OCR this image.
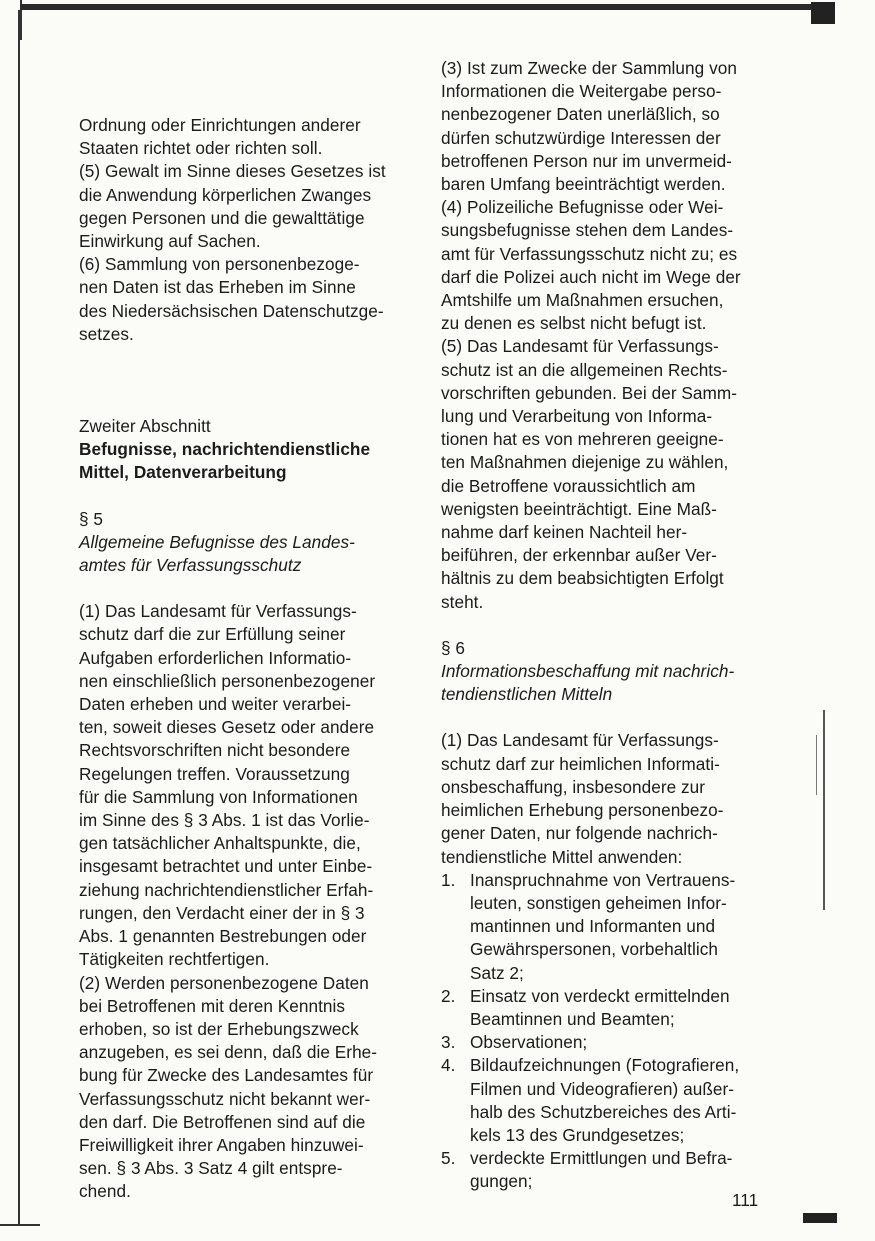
Ordnung oder Einrichtungen anderer

Staaten richtet oder richten soll.

(5) Gewalt im Sinne dieses Gesetzes ist

die Anwendung körperlichen Zwanges

gegen Personen und die gewalttätige

Einwirkung auf Sachen.

(6) Sammlung von personenbezoge-

nen Daten ist das Erheben im Sinne

des Niedersächsischen Datenschutzge-

setzes.

Zweiter Abschnitt

Befugnisse, nachrichtendienstliche

Mittel, Datenverarbeitung

§ 5

Allgemeine Befugnisse des Landes-

amtes für Verfassungsschutz

(1) Das Landesamt für Verfassungs-

schutz darf die zur Erfüllung seiner

Aufgaben erforderlichen Informatio-

nen einschließlich personenbezogener

Daten erheben und weiter verarbei-

ten, soweit dieses Gesetz oder andere

Rechtsvorschriften nicht besondere

Regelungen treffen. Voraussetzung

für die Sammlung von Informationen

im Sinne des § 3 Abs. 1 ist das Vorlie-

gen tatsächlicher Anhaltspunkte, die,

insgesamt betrachtet und unter Einbe-

ziehung nachrichtendienstlicher Erfah-

rungen, den Verdacht einer der in § 3

Abs. 1 genannten Bestrebungen oder

Tätigkeiten rechtfertigen.

(2) Werden personenbezogene Daten

bei Betroffenen mit deren Kenntnis

erhoben, so ist der Erhebungszweck

anzugeben, es sei denn, daß die Erhe-

bung für Zwecke des Landesamtes für

Verfassungsschutz nicht bekannt wer-

den darf. Die Betroffenen sind auf die

Freiwilligkeit ihrer Angaben hinzuwei-

sen. § 3 Abs. 3 Satz 4 gilt entspre-

chend.

(3) Ist zum Zwecke der Sammlung von

Informationen die Weitergabe perso-

nenbezogener Daten unerläßlich, so

dürfen schutzwürdige Interessen der

betroffenen Person nur im unvermeid-

baren Umfang beeinträchtigt werden.

(4) Polizeiliche Befugnisse oder Wei-

sungsbefugnisse stehen dem Landes-

amt für Verfassungsschutz nicht zu; es

darf die Polizei auch nicht im Wege der

Amtshilfe um Maßnahmen ersuchen,

zu denen es selbst nicht befugt ist.

(5) Das Landesamt für Verfassungs-

schutz ist an die allgemeinen Rechts-

vorschriften gebunden. Bei der Samm-

lung und Verarbeitung von Informa-

tionen hat es von mehreren geeigne-

ten Maßnahmen diejenige zu wählen,

die Betroffene voraussichtlich am

wenigsten beeinträchtigt. Eine Maß-

nahme darf keinen Nachteil her-

beiführen, der erkennbar außer Ver-

hältnis zu dem beabsichtigten Erfolgt

steht.

§ 6

Informationsbeschaffung mit nachrich-

tendienstlichen Mitteln

(1) Das Landesamt für Verfassungs-

schutz darf zur heimlichen Informati-

onsbeschaffung, insbesondere zur

heimlichen Erhebung personenbezo-

gener Daten, nur folgende nachrich-

tendienstliche Mittel anwenden:

1. Inanspruchnahme von Vertrauens-

leuten, sonstigen geheimen Infor-

mantinnen und Informanten und

Gewährspersonen, vorbehaltlich

Satz 2;

2. Einsatz von verdeckt ermittelnden

Beamtinnen und Beamten;

3. Observationen;

4. Bildaufzeichnungen (Fotografieren,

Filmen und Videografieren) außer-

halb des Schutzbereiches des Arti-

kels 13 des Grundgesetzes;

5. verdeckte Ermittlungen und Befra-

gungen;

111
